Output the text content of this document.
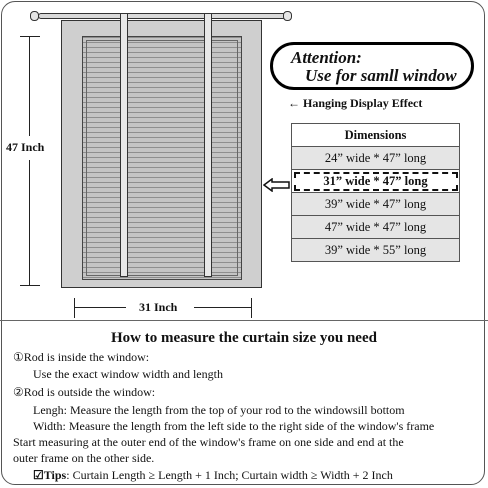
47 Inch
31 Inch
Attention:
Use for samll window
← Hanging Display Effect
Dimensions
24” wide * 47” long
31” wide * 47” long
39” wide * 47” long
47” wide * 47” long
39” wide * 55” long
How to measure the curtain size you need
①Rod is inside the window:
Use the exact window width and length
②Rod is outside the window:
Lengh: Measure the length from the top of your rod to the windowsill bottom
Width: Measure the length from the left side to the right side of the window's frame
Start measuring at the outer end of the window's frame on one side and end at the
outer frame on the other side.
☑Tips: Curtain Length ≥ Length + 1 Inch; Curtain width ≥ Width + 2 Inch
